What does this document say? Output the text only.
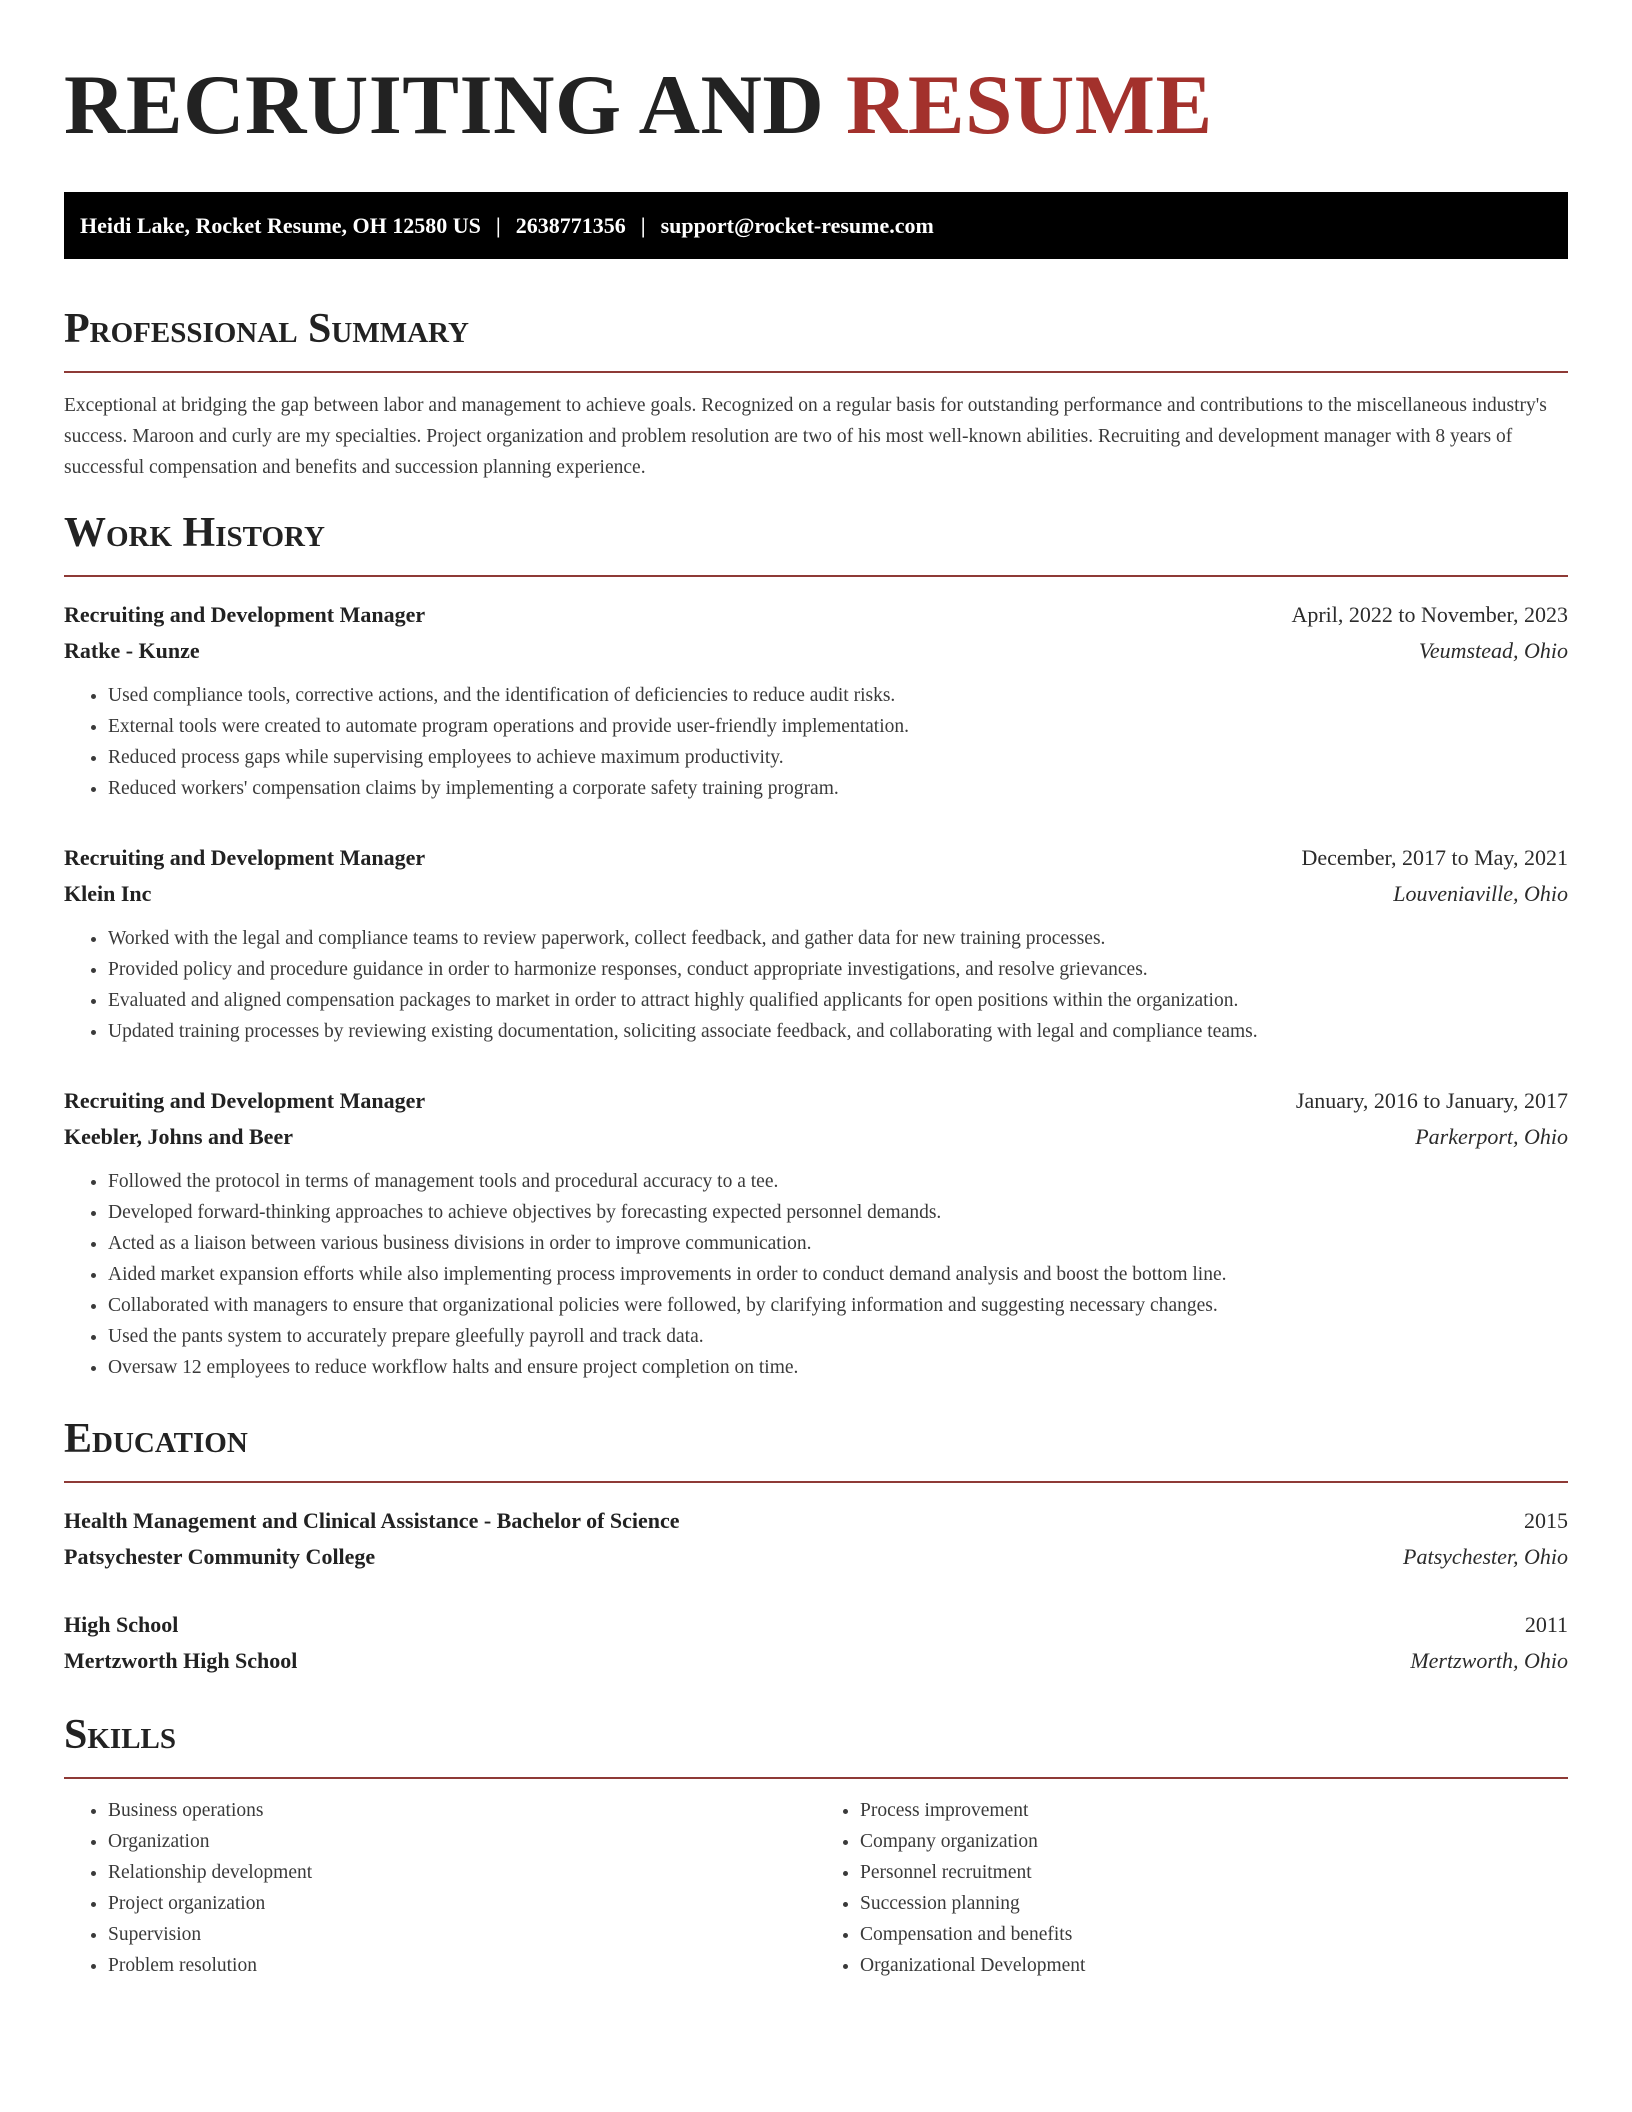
RECRUITING AND RESUME
Heidi Lake, Rocket Resume, OH 12580 US | 2638771356 | support@rocket-resume.com
Professional Summary

Exceptional at bridging the gap between labor and management to achieve goals. Recognized on a regular basis for outstanding performance and contributions to the miscellaneous industry's success. Maroon and curly are my specialties. Project organization and problem resolution are two of his most well-known abilities. Recruiting and development manager with 8 years of successful compensation and benefits and succession planning experience.

Work History
Recruiting and Development Manager	April, 2022 to November, 2023
Ratke - Kunze	Veumstead, Ohio
• Used compliance tools, corrective actions, and the identification of deficiencies to reduce audit risks.
• External tools were created to automate program operations and provide user-friendly implementation.
• Reduced process gaps while supervising employees to achieve maximum productivity.
• Reduced workers' compensation claims by implementing a corporate safety training program.
Recruiting and Development Manager	December, 2017 to May, 2021
Klein Inc	Louveniaville, Ohio
• Worked with the legal and compliance teams to review paperwork, collect feedback, and gather data for new training processes.
• Provided policy and procedure guidance in order to harmonize responses, conduct appropriate investigations, and resolve grievances.
• Evaluated and aligned compensation packages to market in order to attract highly qualified applicants for open positions within the organization.
• Updated training processes by reviewing existing documentation, soliciting associate feedback, and collaborating with legal and compliance teams.
Recruiting and Development Manager	January, 2016 to January, 2017
Keebler, Johns and Beer	Parkerport, Ohio
• Followed the protocol in terms of management tools and procedural accuracy to a tee.
• Developed forward-thinking approaches to achieve objectives by forecasting expected personnel demands.
• Acted as a liaison between various business divisions in order to improve communication.
• Aided market expansion efforts while also implementing process improvements in order to conduct demand analysis and boost the bottom line.
• Collaborated with managers to ensure that organizational policies were followed, by clarifying information and suggesting necessary changes.
• Used the pants system to accurately prepare gleefully payroll and track data.
• Oversaw 12 employees to reduce workflow halts and ensure project completion on time.
Education
Health Management and Clinical Assistance - Bachelor of Science	2015
Patsychester Community College	Patsychester, Ohio
High School	2011
Mertzworth High School	Mertzworth, Ohio
Skills
• Business operations
• Organization
• Relationship development
• Project organization
• Supervision
• Problem resolution
• Process improvement
• Company organization
• Personnel recruitment
• Succession planning
• Compensation and benefits
• Organizational Development
